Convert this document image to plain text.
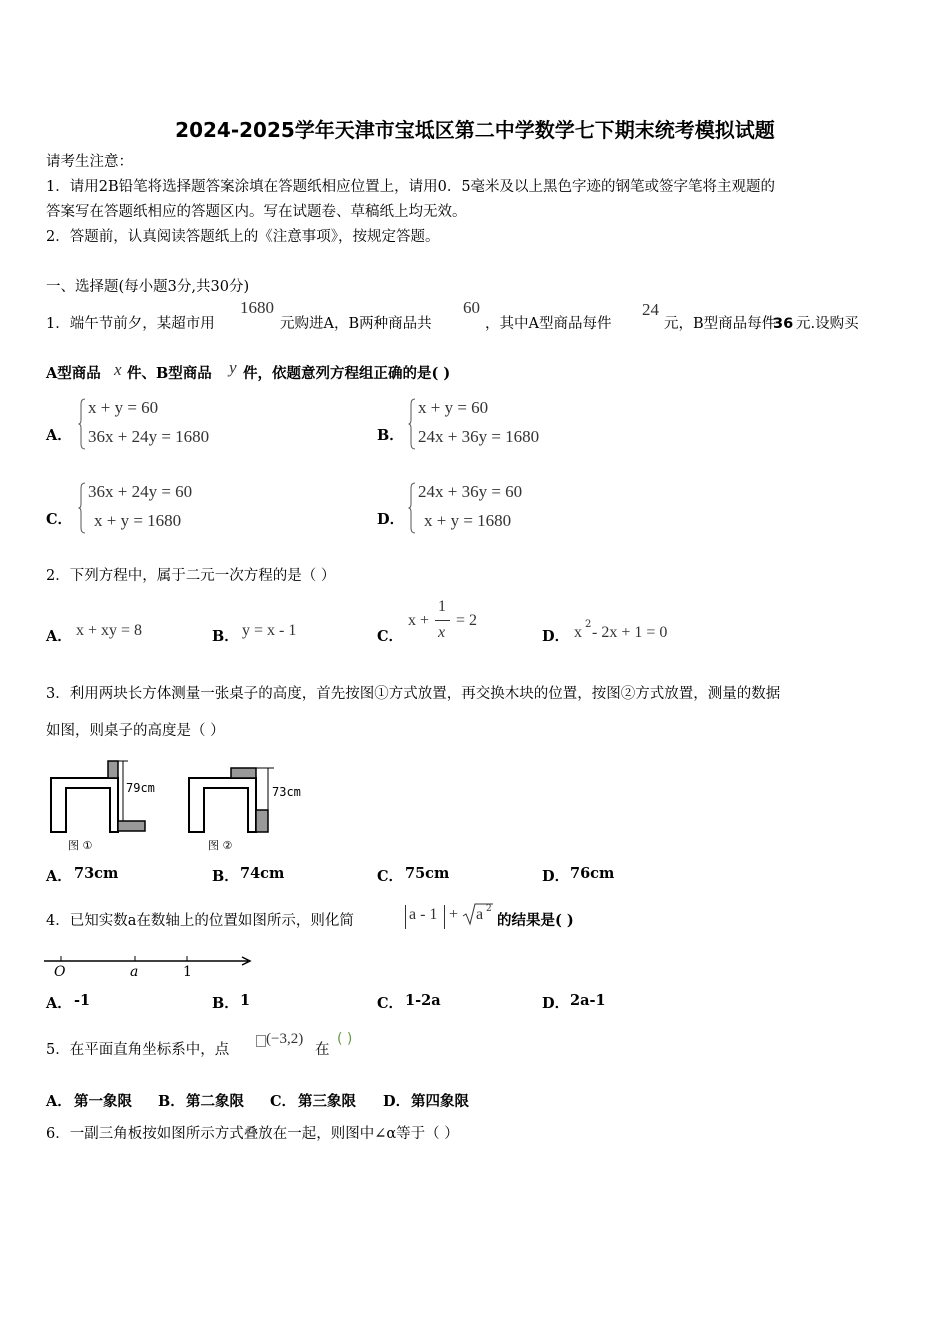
2024-2025学年天津市宝坻区第二中学数学七下期末统考模拟试题
请考生注意：
1．请用2B铅笔将选择题答案涂填在答题纸相应位置上，请用0．5毫米及以上黑色字迹的钢笔或签字笔将主观题的
答案写在答题纸相应的答题区内。写在试题卷、草稿纸上均无效。
2．答题前，认真阅读答题纸上的《注意事项》，按规定答题。
一、选择题(每小题3分,共30分)
1．端午节前夕，某超市用
1680
元购进A，B两种商品共
60
，其中A型商品每件
24
元，B型商品每件
36 元.设购买
A型商品 x 件、B型商品 y 件，依题意列方程组正确的是( )
A．
x + y = 60
36x + 24y = 1680	B．
x + y = 60
24x + 36y = 1680
C．
36x + 24y = 60
x + y = 1680	D．
24x + 36y = 60
x + y = 1680
2．下列方程中，属于二元一次方程的是（ ）
A． x + xy = 8	B． y = x - 1	C．
x +
1
x
= 2
D． x 2 - 2x + 1 = 0
3．利用两块长方体测量一张桌子的高度，首先按图①方式放置，再交换木块的位置，按图②方式放置，测量的数据
如图，则桌子的高度是（ ）
79cm
图 ①
73cm
图 ②
A． 73cm	B． 74cm	C． 75cm	D． 76cm
4．已知实数a在数轴上的位置如图所示，则化简	a - 1 + a 2
的结果是( )
O	a	1
A． -1	B． 1	C． 1-2a	D． 2a-1
5．在平面直角坐标系中，点
(−3,2)
在
( )
A． 第一象限 B． 第二象限 C． 第三象限 D． 第四象限
6．一副三角板按如图所示方式叠放在一起，则图中∠α等于（ ）
